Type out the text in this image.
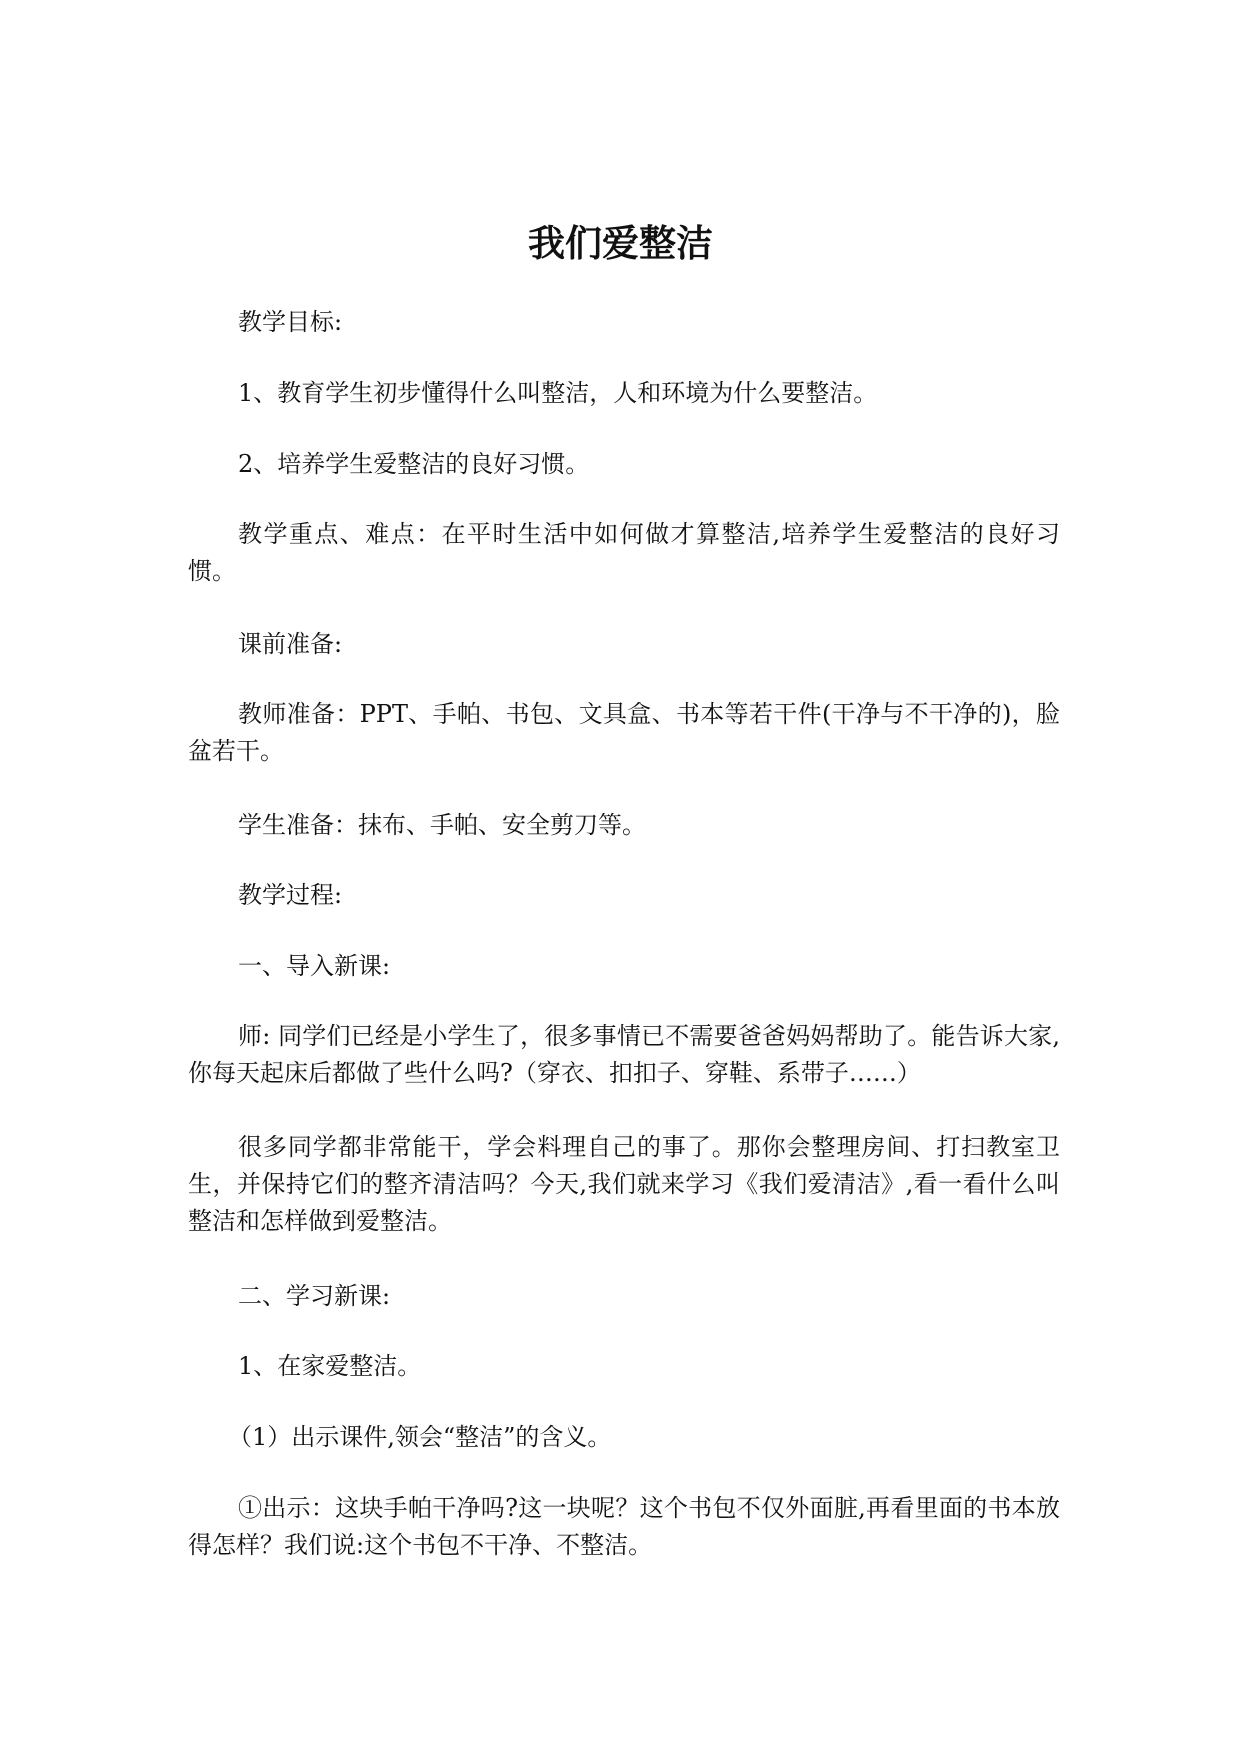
我们爱整洁

教学目标:

1、教育学生初步懂得什么叫整洁，人和环境为什么要整洁。

2、培养学生爱整洁的良好习惯。

教学重点、难点：在平时生活中如何做才算整洁,培养学生爱整洁的良好习惯。

课前准备:

教师准备：PPT、手帕、书包、文具盒、书本等若干件(干净与不干净的)，脸盆若干。

学生准备：抹布、手帕、安全剪刀等。

教学过程:

一、导入新课:

师: 同学们已经是小学生了，很多事情已不需要爸爸妈妈帮助了。能告诉大家,你每天起床后都做了些什么吗?（穿衣、扣扣子、穿鞋、系带子……）

很多同学都非常能干，学会料理自己的事了。那你会整理房间、打扫教室卫生，并保持它们的整齐清洁吗？今天,我们就来学习《我们爱清洁》,看一看什么叫整洁和怎样做到爱整洁。

二、学习新课:

1、在家爱整洁。

（1）出示课件,领会“整洁”的含义。

①出示：这块手帕干净吗?这一块呢？这个书包不仅外面脏,再看里面的书本放得怎样？我们说:这个书包不干净、不整洁。
